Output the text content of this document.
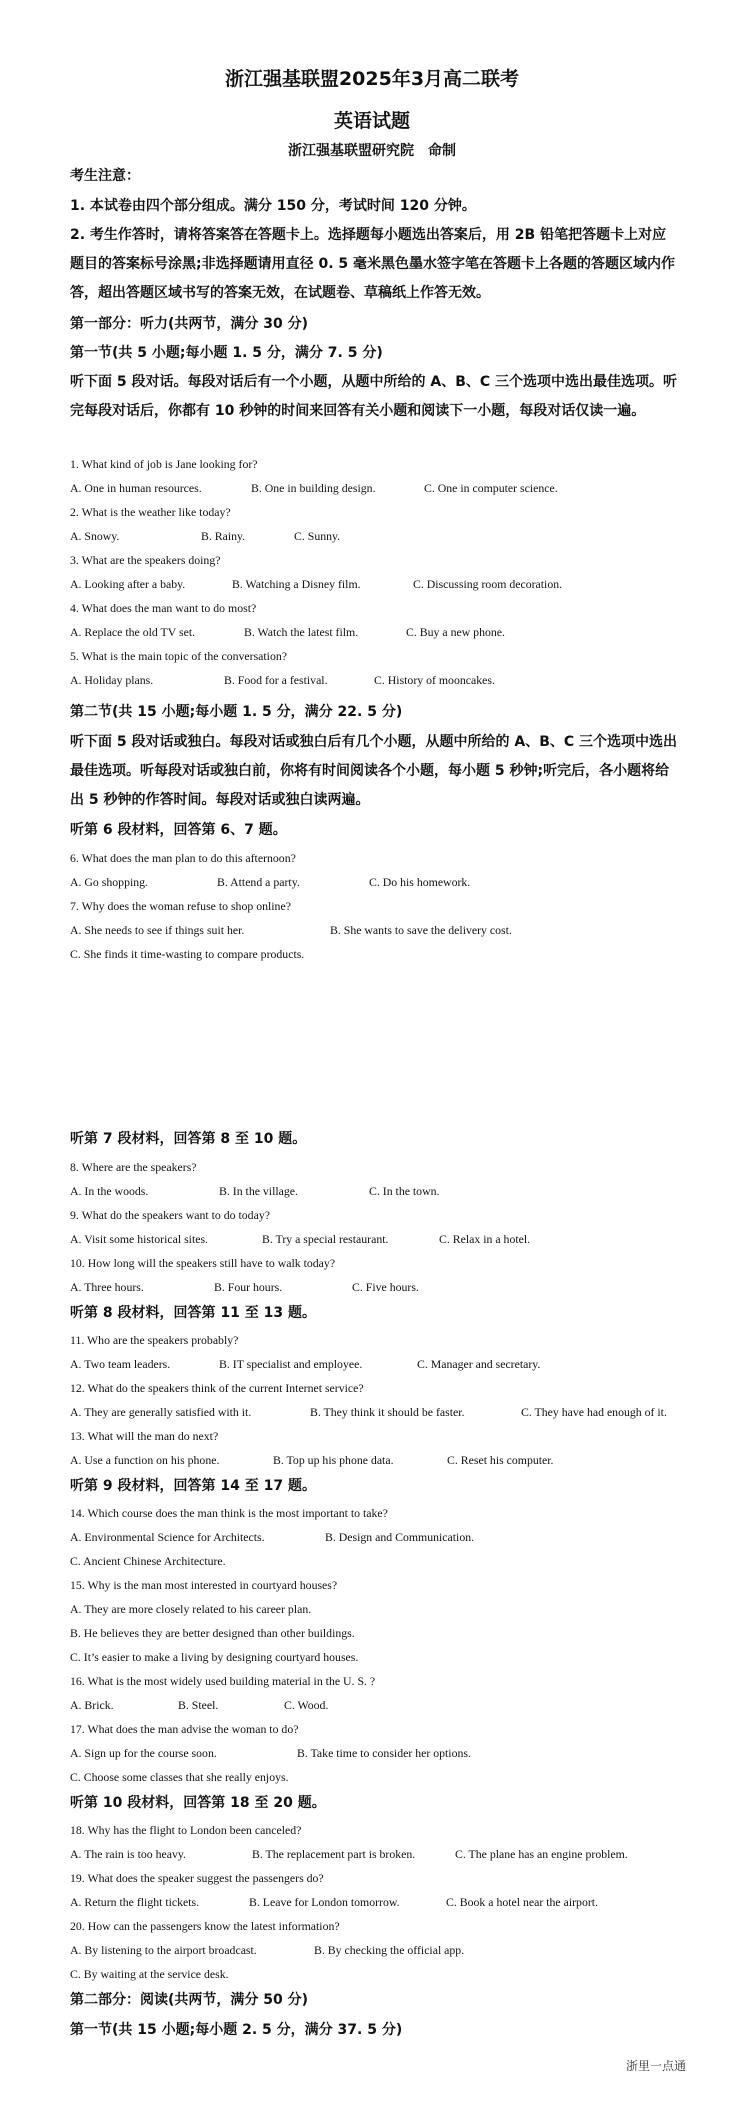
浙江强基联盟2025年3月高二联考
英语试题
浙江强基联盟研究院　命制
考生注意：
1. 本试卷由四个部分组成。满分 150 分，考试时间 120 分钟。
2. 考生作答时，请将答案答在答题卡上。选择题每小题选出答案后，用 2B 铅笔把答题卡上对应题目的答案标号涂黑;非选择题请用直径 0. 5 毫米黑色墨水签字笔在答题卡上各题的答题区域内作答，超出答题区域书写的答案无效，在试题卷、草稿纸上作答无效。
第一部分：听力(共两节，满分 30 分)
第一节(共 5 小题;每小题 1. 5 分，满分 7. 5 分)
听下面 5 段对话。每段对话后有一个小题，从题中所给的 A、B、C 三个选项中选出最佳选项。听完每段对话后，你都有 10 秒钟的时间来回答有关小题和阅读下一小题，每段对话仅读一遍。
1. What kind of job is Jane looking for?
A. One in human resources.	B. One in building design.	C. One in computer science.
2. What is the weather like today?
A. Snowy.	B. Rainy.	C. Sunny.
3. What are the speakers doing?
A. Looking after a baby.	B. Watching a Disney film.	C. Discussing room decoration.
4. What does the man want to do most?
A. Replace the old TV set.	B. Watch the latest film.	C. Buy a new phone.
5. What is the main topic of the conversation?
A. Holiday plans.	B. Food for a festival.	C. History of mooncakes.
第二节(共 15 小题;每小题 1. 5 分，满分 22. 5 分)
听下面 5 段对话或独白。每段对话或独白后有几个小题，从题中所给的 A、B、C 三个选项中选出最佳选项。听每段对话或独白前，你将有时间阅读各个小题，每小题 5 秒钟;听完后，各小题将给出 5 秒钟的作答时间。每段对话或独白读两遍。
听第 6 段材料，回答第 6、7 题。
6. What does the man plan to do this afternoon?
A. Go shopping.	B. Attend a party.	C. Do his homework.
7. Why does the woman refuse to shop online?
A. She needs to see if things suit her.	B. She wants to save the delivery cost.
C. She finds it time-wasting to compare products.
听第 7 段材料，回答第 8 至 10 题。
8. Where are the speakers?
A. In the woods.	B. In the village.	C. In the town.
9. What do the speakers want to do today?
A. Visit some historical sites.	B. Try a special restaurant.	C. Relax in a hotel.
10. How long will the speakers still have to walk today?
A. Three hours.	B. Four hours.	C. Five hours.
听第 8 段材料，回答第 11 至 13 题。
11. Who are the speakers probably?
A. Two team leaders.	B. IT specialist and employee.	C. Manager and secretary.
12. What do the speakers think of the current Internet service?
A. They are generally satisfied with it.	B. They think it should be faster.	C. They have had enough of it.
13. What will the man do next?
A. Use a function on his phone.	B. Top up his phone data.	C. Reset his computer.
听第 9 段材料，回答第 14 至 17 题。
14. Which course does the man think is the most important to take?
A. Environmental Science for Architects.	B. Design and Communication.
C. Ancient Chinese Architecture.
15. Why is the man most interested in courtyard houses?
A. They are more closely related to his career plan.
B. He believes they are better designed than other buildings.
C. It’s easier to make a living by designing courtyard houses.
16. What is the most widely used building material in the U. S. ?
A. Brick.	B. Steel.	C. Wood.
17. What does the man advise the woman to do?
A. Sign up for the course soon.	B. Take time to consider her options.
C. Choose some classes that she really enjoys.
听第 10 段材料，回答第 18 至 20 题。
18. Why has the flight to London been canceled?
A. The rain is too heavy.	B. The replacement part is broken.	C. The plane has an engine problem.
19. What does the speaker suggest the passengers do?
A. Return the flight tickets.	B. Leave for London tomorrow.	C. Book a hotel near the airport.
20. How can the passengers know the latest information?
A. By listening to the airport broadcast.	B. By checking the official app.
C. By waiting at the service desk.
第二部分：阅读(共两节，满分 50 分)
第一节(共 15 小题;每小题 2. 5 分，满分 37. 5 分)
浙里一点通
